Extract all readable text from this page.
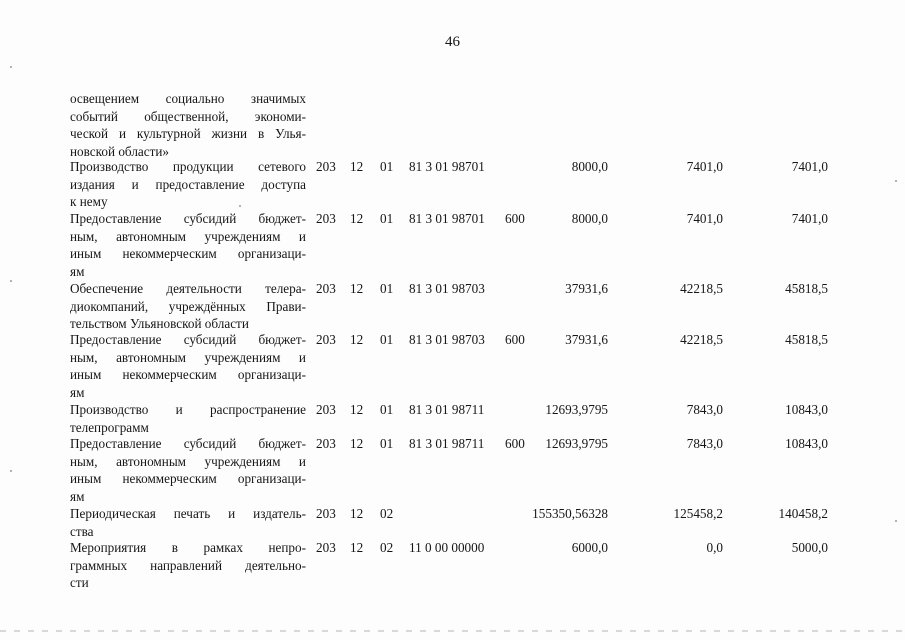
46
освещением социально значимых
событий общественной, экономи-
ческой и культурной жизни в Улья-
новской области»
Производство продукции сетевого
издания и предоставление доступа
к нему
203 12 01 81 3 01 98701	8000,0	7401,0	7401,0
Предоставление субсидий бюджет-
ным, автономным учреждениям и
иным некоммерческим организаци-
ям
203 12 01 81 3 01 98701 600	8000,0	7401,0	7401,0
Обеспечение деятельности телера-
диокомпаний, учреждённых Прави-
тельством Ульяновской области
203 12 01 81 3 01 98703	37931,6	42218,5	45818,5
Предоставление субсидий бюджет-
ным, автономным учреждениям и
иным некоммерческим организаци-
ям
203 12 01 81 3 01 98703 600	37931,6	42218,5	45818,5
Производство и распространение
телепрограмм
203 12 01 81 3 01 98711	12693,9795	7843,0	10843,0
Предоставление субсидий бюджет-
ным, автономным учреждениям и
иным некоммерческим организаци-
ям
203 12 01 81 3 01 98711 600 12693,9795	7843,0	10843,0
Периодическая печать и издатель-
ства
203 12 02	155350,56328	125458,2	140458,2
Мероприятия в рамках непро-
граммных направлений деятельно-
сти
203 12 02 11 0 00 00000	6000,0	0,0	5000,0
